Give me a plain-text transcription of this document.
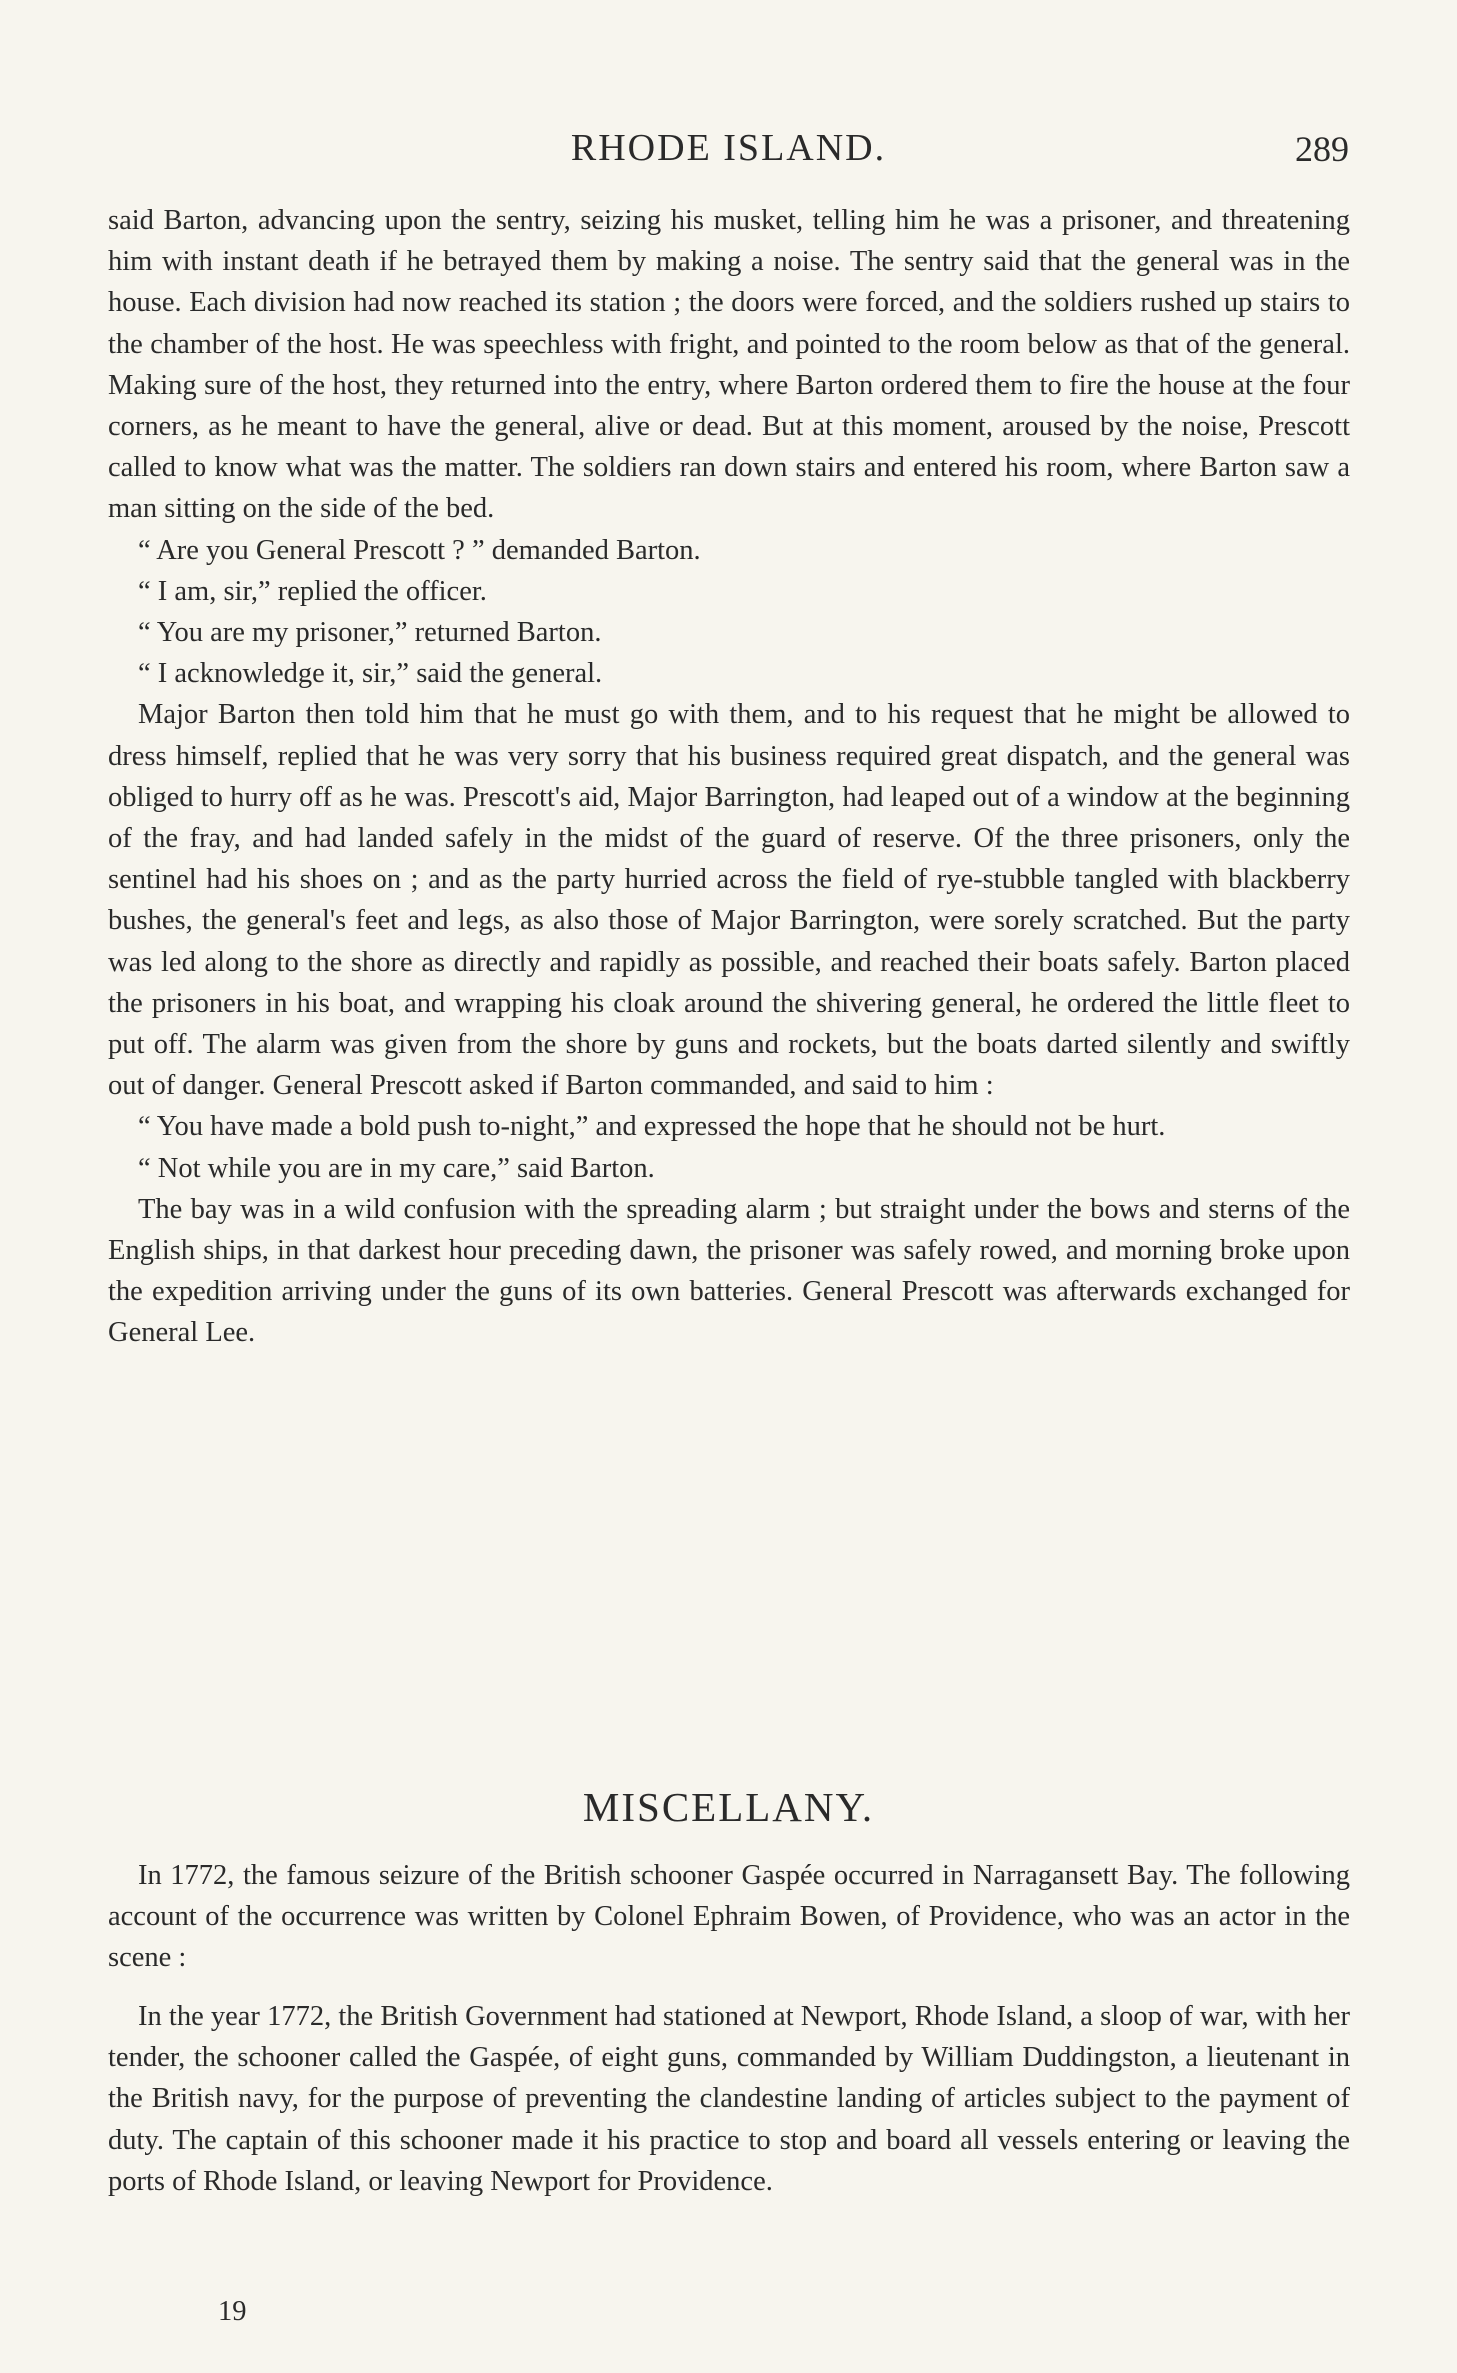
RHODE ISLAND.	289

said Barton, advancing upon the sentry, seizing his musket, telling him he was a prisoner, and threatening him with instant death if he betrayed them by making a noise. The sentry said that the general was in the house. Each division had now reached its station ; the doors were forced, and the soldiers rushed up stairs to the chamber of the host. He was speechless with fright, and pointed to the room below as that of the general. Making sure of the host, they returned into the entry, where Barton ordered them to fire the house at the four corners, as he meant to have the general, alive or dead. But at this moment, aroused by the noise, Prescott called to know what was the matter. The soldiers ran down stairs and entered his room, where Barton saw a man sitting on the side of the bed.

“ Are you General Prescott ? ” demanded Barton.

“ I am, sir,” replied the officer.

“ You are my prisoner,” returned Barton.

“ I acknowledge it, sir,” said the general.

Major Barton then told him that he must go with them, and to his request that he might be allowed to dress himself, replied that he was very sorry that his business required great dispatch, and the general was obliged to hurry off as he was. Prescott's aid, Major Barrington, had leaped out of a window at the beginning of the fray, and had landed safely in the midst of the guard of reserve. Of the three prisoners, only the sentinel had his shoes on ; and as the party hurried across the field of rye-stubble tangled with blackberry bushes, the general's feet and legs, as also those of Major Barrington, were sorely scratched. But the party was led along to the shore as directly and rapidly as possible, and reached their boats safely. Barton placed the prisoners in his boat, and wrapping his cloak around the shivering general, he ordered the little fleet to put off. The alarm was given from the shore by guns and rockets, but the boats darted silently and swiftly out of danger. General Prescott asked if Barton commanded, and said to him :

“ You have made a bold push to-night,” and expressed the hope that he should not be hurt.

“ Not while you are in my care,” said Barton.

The bay was in a wild confusion with the spreading alarm ; but straight under the bows and sterns of the English ships, in that darkest hour preceding dawn, the prisoner was safely rowed, and morning broke upon the expedition arriving under the guns of its own batteries. General Prescott was afterwards exchanged for General Lee.

MISCELLANY.

In 1772, the famous seizure of the British schooner Gaspée occurred in Narragansett Bay. The following account of the occurrence was written by Colonel Ephraim Bowen, of Providence, who was an actor in the scene :

In the year 1772, the British Government had stationed at Newport, Rhode Island, a sloop of war, with her tender, the schooner called the Gaspée, of eight guns, commanded by William Duddingston, a lieutenant in the British navy, for the purpose of preventing the clandestine landing of articles subject to the payment of duty. The captain of this schooner made it his practice to stop and board all vessels entering or leaving the ports of Rhode Island, or leaving Newport for Providence.

19
